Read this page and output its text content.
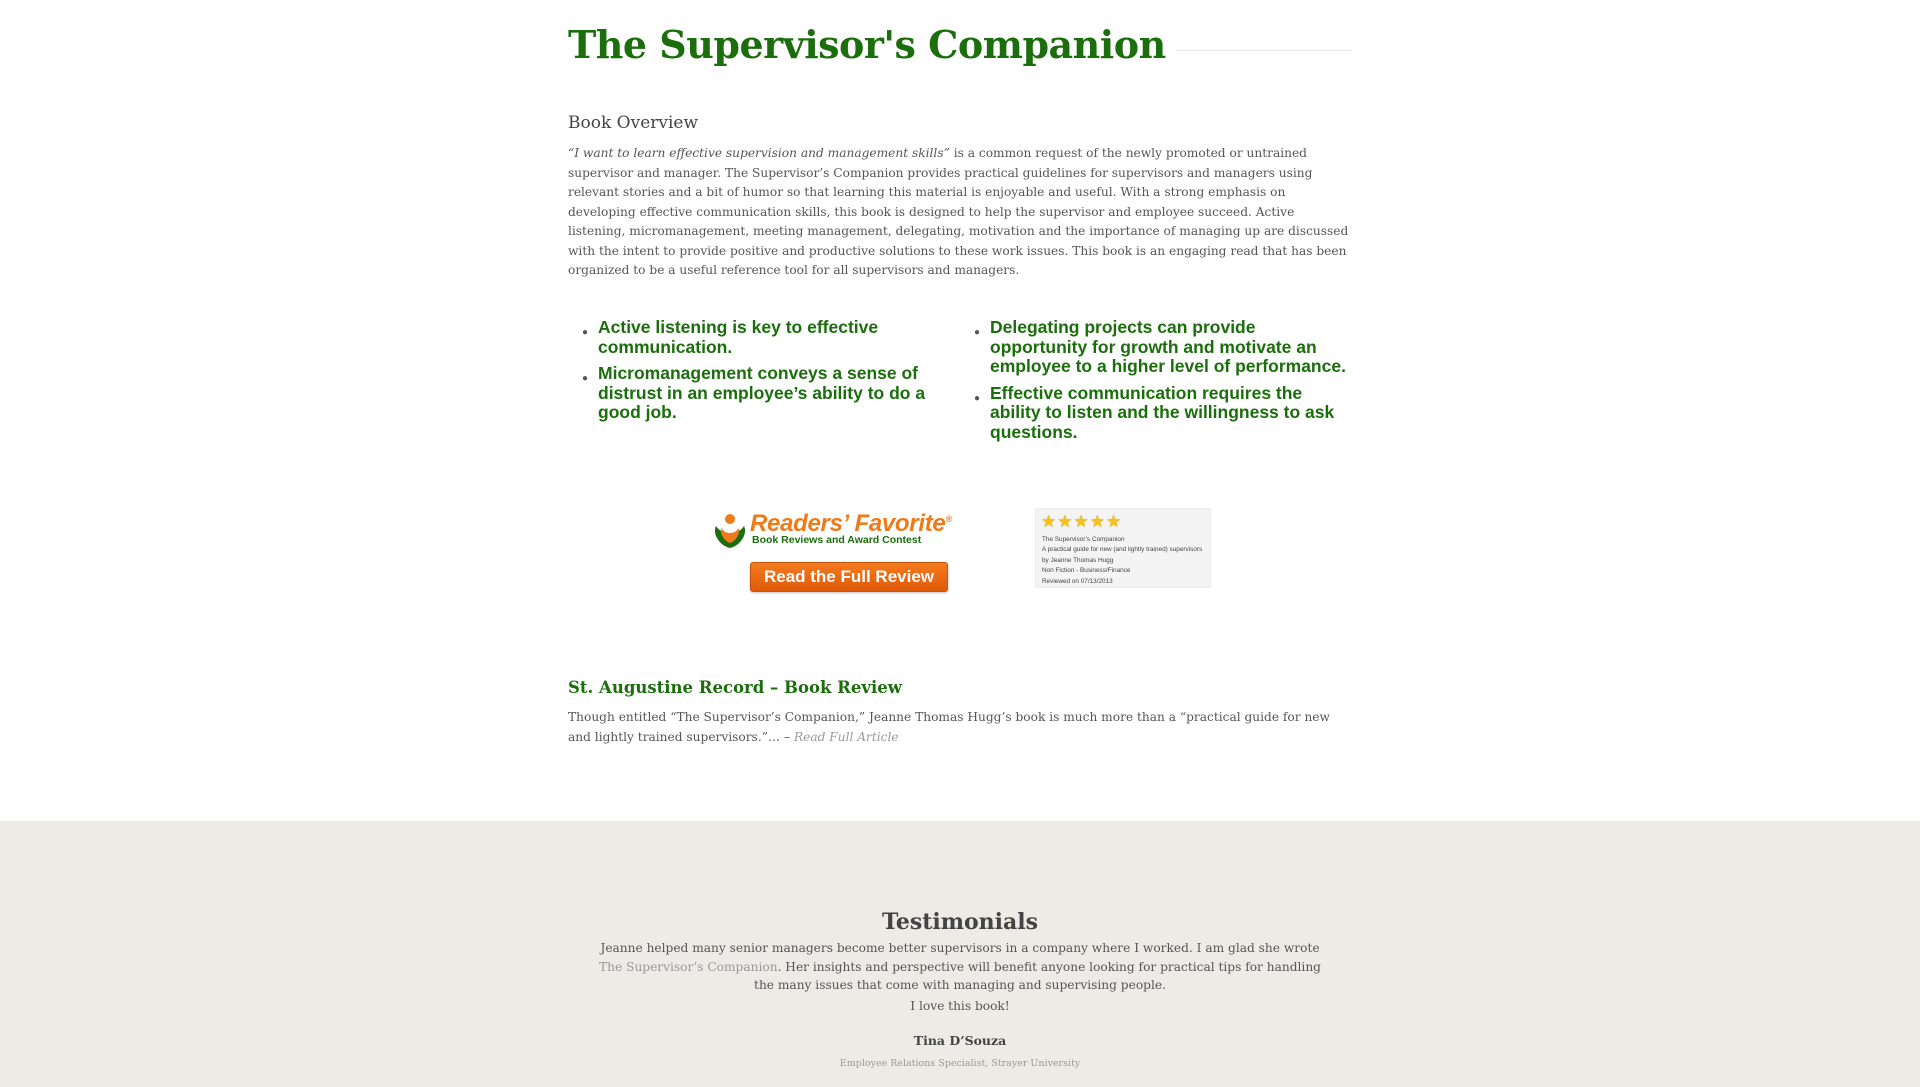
The Supervisor's Companion
Book Overview

“I want to learn effective supervision and management skills” is a common request of the newly promoted or untrained supervisor and manager. The Supervisor’s Companion provides practical guidelines for supervisors and managers using relevant stories and a bit of humor so that learning this material is enjoyable and useful. With a strong emphasis on developing effective communication skills, this book is designed to help the supervisor and employee succeed. Active listening, micromanagement, meeting management, delegating, motivation and the importance of managing up are discussed with the intent to provide positive and productive solutions to these work issues. This book is an engaging read that has been organized to be a useful reference tool for all supervisors and managers.

● Active listening is key to effective communication.
● Micromanagement conveys a sense of distrust in an employee’s ability to do a good job.
● Delegating projects can provide opportunity for growth and motivate an employee to a higher level of performance.
● Effective communication requires the ability to listen and the willingness to ask questions.
Readers’ Favorite®
Book Reviews and Award Contest
Read the Full Review
★★★★★
The Supervisor’s Companion
A practical guide for new (and lightly trained) supervisors
by Jeanne Thomas Hugg
Non Fiction - Business/Finance
Reviewed on 07/13/2013
St. Augustine Record – Book Review

Though entitled “The Supervisor’s Companion,” Jeanne Thomas Hugg’s book is much more than a “practical guide for new and lightly trained supervisors.”… – Read Full Article

Testimonials

Jeanne helped many senior managers become better supervisors in a company where I worked. I am glad she wrote The Supervisor’s Companion. Her insights and perspective will benefit anyone looking for practical tips for handling the many issues that come with managing and supervising people.

I love this book!

Tina D’Souza

Employee Relations Specialist, Strayer University
